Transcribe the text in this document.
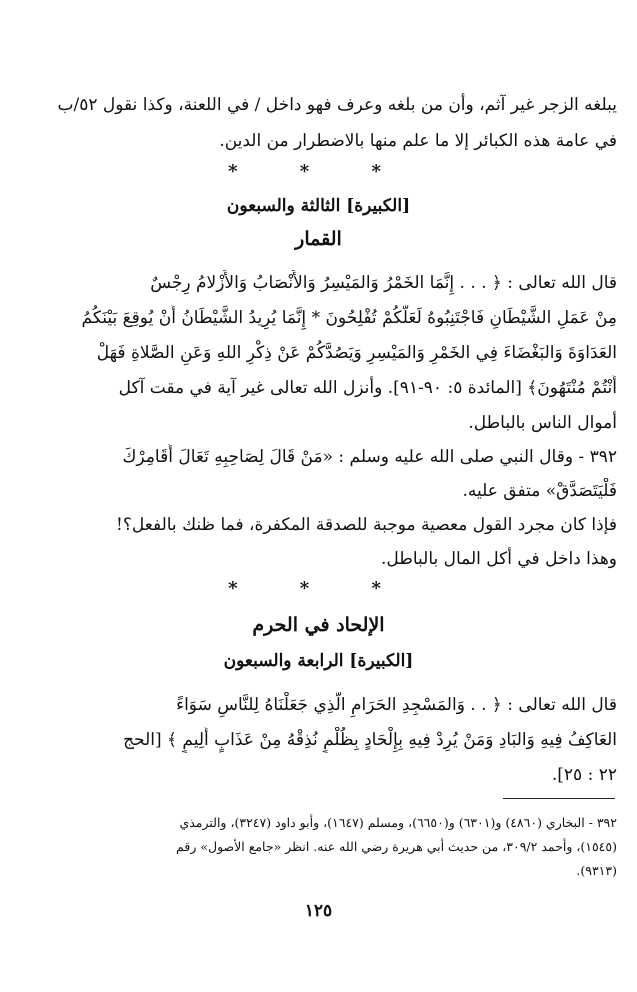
يبلغه الزجر غير آثم، وأن من بلغه وعرف فهو داخل / في اللعنة، وكذا نقول ٥٢/ب
في عامة هذه الكبائر إلا ما علم منها بالاضطرار من الدين.
* * *
[الكبيرة] الثالثة والسبعون
القمار
قال الله تعالى : ﴿ . . . إِنَّمَا الخَمْرُ وَالمَيْسِرُ وَالأَنْصَابُ وَالأَزْلامُ رِجْسٌ
مِنْ عَمَلِ الشَّيْطَانِ فَاجْتَنِبُوهُ لَعَلَّكُمْ تُفْلِحُونَ * إِنَّمَا يُرِيدُ الشَّيْطَانُ أَنْ يُوقِعَ بَيْنَكُمُ
العَدَاوَةَ وَالبَغْضَاءَ فِي الخَمْرِ وَالمَيْسِرِ وَيَصُدَّكُمْ عَنْ ذِكْرِ اللهِ وَعَنِ الصَّلاةِ فَهَلْ
أَنْتُمْ مُنْتَهُونَ﴾ [المائدة ٥: ٩٠-٩١]. وأنزل الله تعالى غير آية في مقت آكل
أموال الناس بالباطل.
٣٩٢ - وقال النبي صلى الله عليه وسلم : «مَنْ قَالَ لِصَاحِبِهِ تَعَالَ أُقَامِرْكَ
فَلْيَتَصَدَّقْ» متفق عليه.
فإذا كان مجرد القول معصية موجبة للصدقة المكفرة، فما ظنك بالفعل؟!
وهذا داخل في أكل المال بالباطل.
* * *
الإلحاد في الحرم
[الكبيرة] الرابعة والسبعون
قال الله تعالى : ﴿ . . وَالمَسْجِدِ الحَرَامِ الَّذِي جَعَلْنَاهُ لِلنَّاسِ سَوَاءً
العَاكِفُ فِيهِ وَالبَادِ وَمَنْ يُرِدْ فِيهِ بِإِلْحَادٍ بِظُلْمٍ نُذِقْهُ مِنْ عَذَابٍ أَلِيمٍ ﴾ [الحج
٢٢ : ٢٥].
٣٩٢ - البخاري (٤٨٦٠) و(٦٣٠١) و(٦٦٥٠)، ومسلم (١٦٤٧)، وأبو داود (٣٢٤٧)، والترمذي
(١٥٤٥)، وأحمد ٣٠٩/٢، من حديث أبي هريرة رضي الله عنه. انظر «جامع الأصول» رقم
(٩٣١٣).
١٢٥
